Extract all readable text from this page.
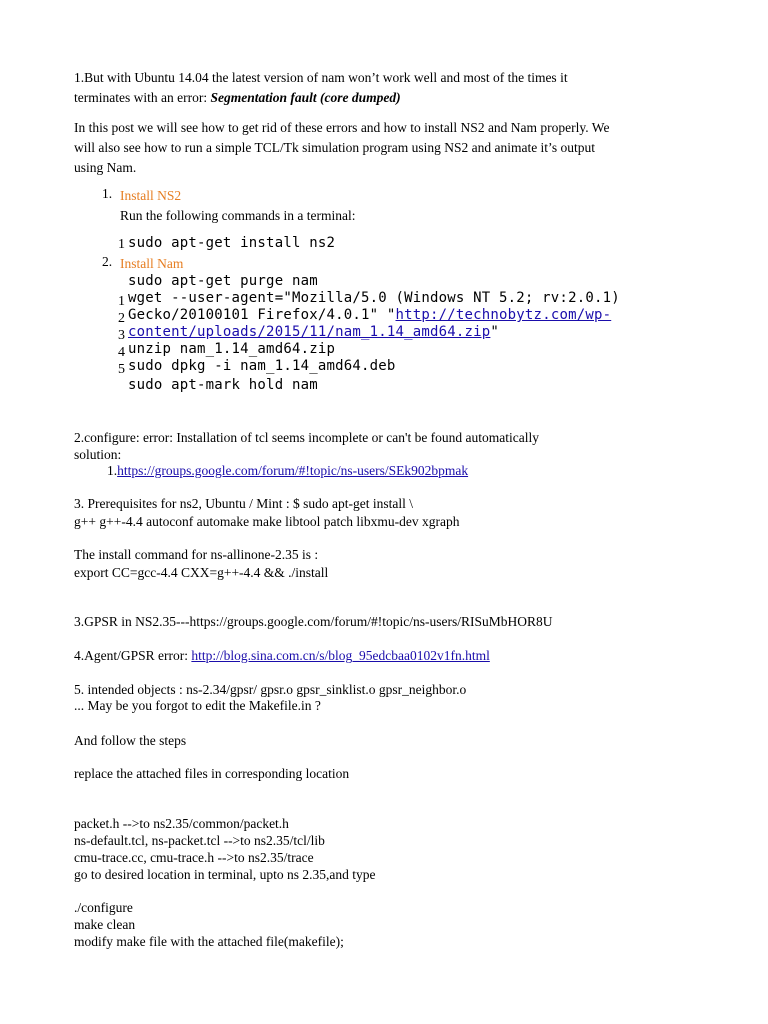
1.But with Ubuntu 14.04 the latest version of nam won’t work well and most of the times it
terminates with an error: Segmentation fault (core dumped)
In this post we will see how to get rid of these errors and how to install NS2 and Nam properly. We
will also see how to run a simple TCL/Tk simulation program using NS2 and animate it’s output
using Nam.
1. Install NS2
Run the following commands in a terminal:
1 sudo apt-get install ns2
2. Install Nam
sudo apt-get purge nam
1
2
3
4
5
wget --user-agent="Mozilla/5.0 (Windows NT 5.2; rv:2.0.1)
Gecko/20100101 Firefox/4.0.1" "http://technobytz.com/wp-
content/uploads/2015/11/nam_1.14_amd64.zip"
unzip nam_1.14_amd64.zip
sudo dpkg -i nam_1.14_amd64.deb
sudo apt-mark hold nam
2.configure: error: Installation of tcl seems incomplete or can't be found automatically
solution:
1.https://groups.google.com/forum/#!topic/ns-users/SEk902bpmak
3. Prerequisites for ns2, Ubuntu / Mint : $ sudo apt-get install \
g++ g++-4.4 autoconf automake make libtool patch libxmu-dev xgraph
The install command for ns-allinone-2.35 is :
export CC=gcc-4.4 CXX=g++-4.4 && ./install
3.GPSR in NS2.35---https://groups.google.com/forum/#!topic/ns-users/RISuMbHOR8U
4.Agent/GPSR error: http://blog.sina.com.cn/s/blog_95edcbaa0102v1fn.html
5. intended objects : ns-2.34/gpsr/ gpsr.o gpsr_sinklist.o gpsr_neighbor.o
... May be you forgot to edit the Makefile.in ?
And follow the steps
replace the attached files in corresponding location
packet.h -->to ns2.35/common/packet.h
ns-default.tcl, ns-packet.tcl -->to ns2.35/tcl/lib
cmu-trace.cc, cmu-trace.h -->to ns2.35/trace
go to desired location in terminal, upto ns 2.35,and type
./configure
make clean
modify make file with the attached file(makefile);
